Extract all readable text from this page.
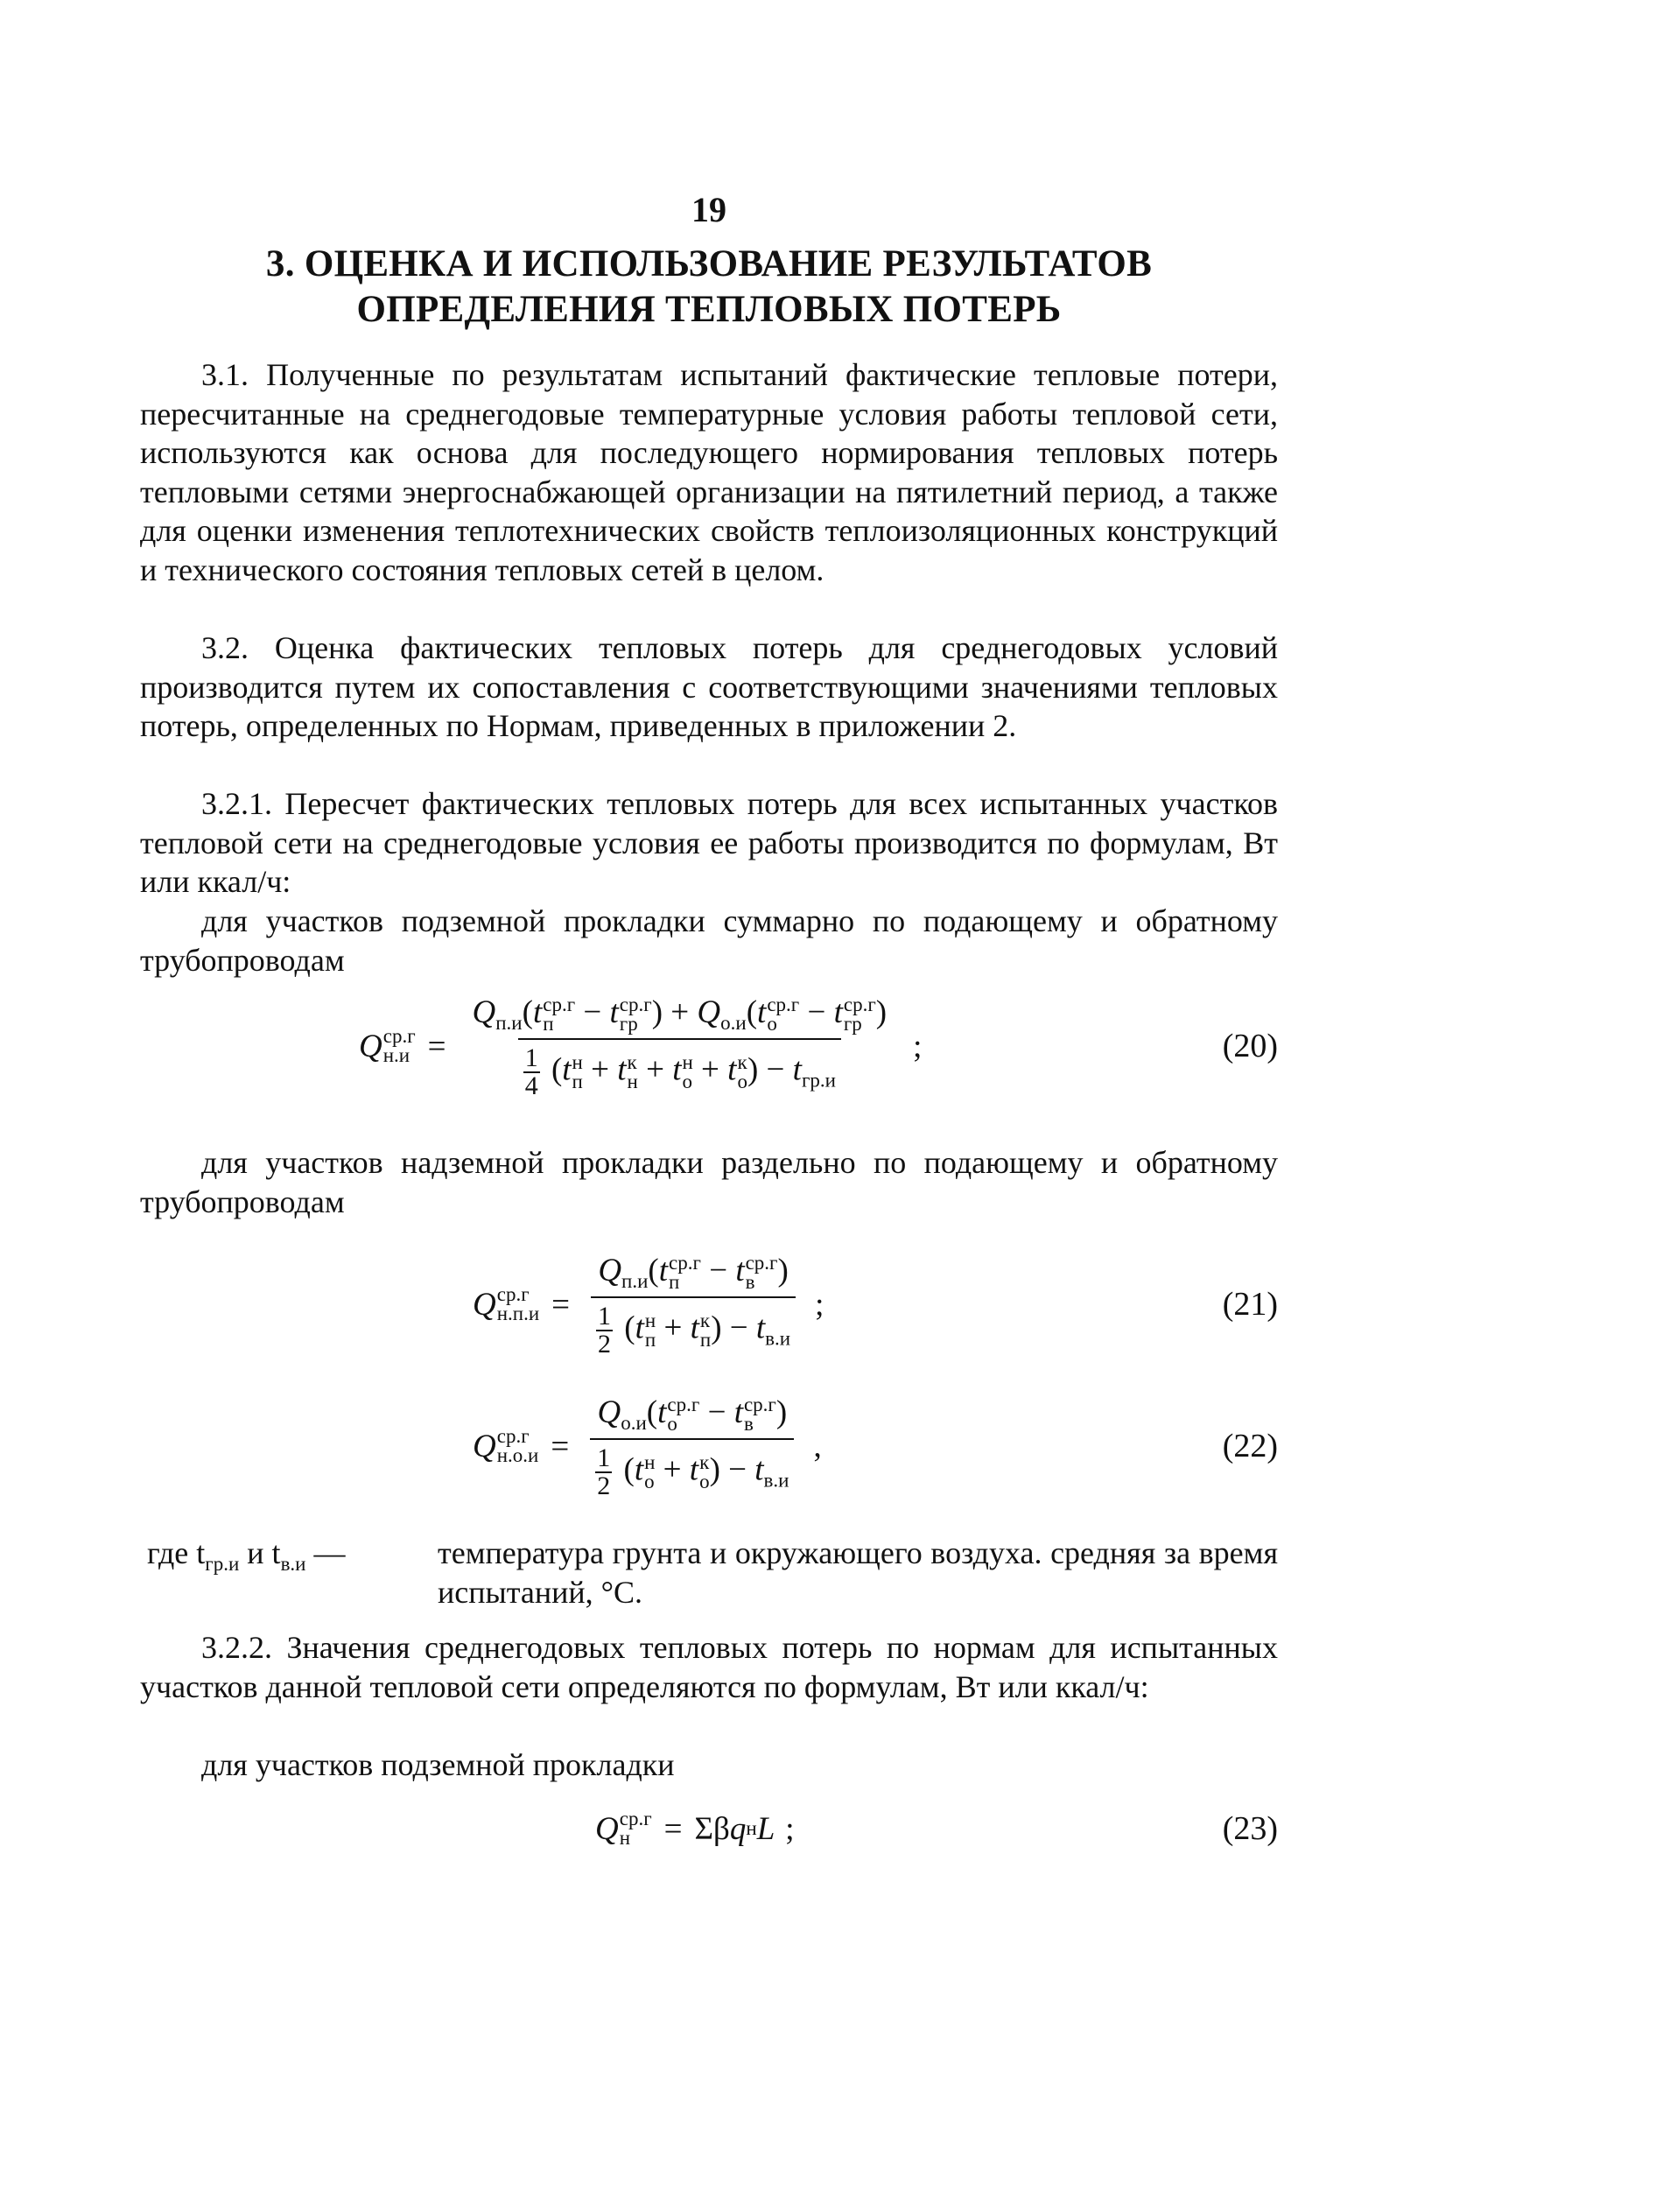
19
3. ОЦЕНКА И ИСПОЛЬЗОВАНИЕ РЕЗУЛЬТАТОВ
ОПРЕДЕЛЕНИЯ ТЕПЛОВЫХ ПОТЕРЬ

3.1. Полученные по результатам испытаний фактические тепловые потери, пересчитанные на среднегодовые температурные условия работы тепловой сети, используются как основа для последующего нормирования тепловых потерь тепловыми сетями энергоснабжающей организации на пятилетний период, а также для оценки изменения теплотехнических свойств теплоизоляционных конструкций и технического состояния тепловых сетей в целом.

3.2. Оценка фактических тепловых потерь для среднегодовых условий производится путем их сопоставления с соответствующими значениями тепловых потерь, определенных по Нормам, приведенных в приложении 2.

3.2.1. Пересчет фактических тепловых потерь для всех испытанных участков тепловой сети на среднегодовые условия ее работы производится по формулам, Вт или ккал/ч:

для участков подземной прокладки суммарно по подающему и обратному трубопроводам

Q ср.г
н.и =
$Q_{п.и}(t$ ср.г
п − t ср.г
гр ) + $Q_{о.и}(t$ ср.г
о − t ср.г
гр )
$\frac{1}{4} (t$ н
п + t к
н + t н
о + t к
о ) − $t_{гр.и}$
;	(20)

для участков надземной прокладки раздельно по подающему и обратному трубопроводам

Q ср.г
$н.п.и = Q_{п.и}(t$ ср.г
п − t ср.г
в )
$\frac{1}{2} (t$ н
п + t к
п ) − $t_{в.и}$ ;	(21)
Q ср.г
$н.о.и = Q_{о.и}(t$ ср.г
о − t ср.г
в )
$\frac{1}{2} (t$ н
о + t к
о ) − $t_{в.и}$ ,	(22)
где $t_{гр.и}$ и $t_{в.и}$ —	температура грунта и окружающего воздуха. средняя за время испытаний, °С.

3.2.2. Значения среднегодовых тепловых потерь по нормам для испытанных участков данной тепловой сети определяются по формулам, Вт или ккал/ч:

для участков подземной прокладки

Q ср.г
н	= Σβ q н L ;	(23)
